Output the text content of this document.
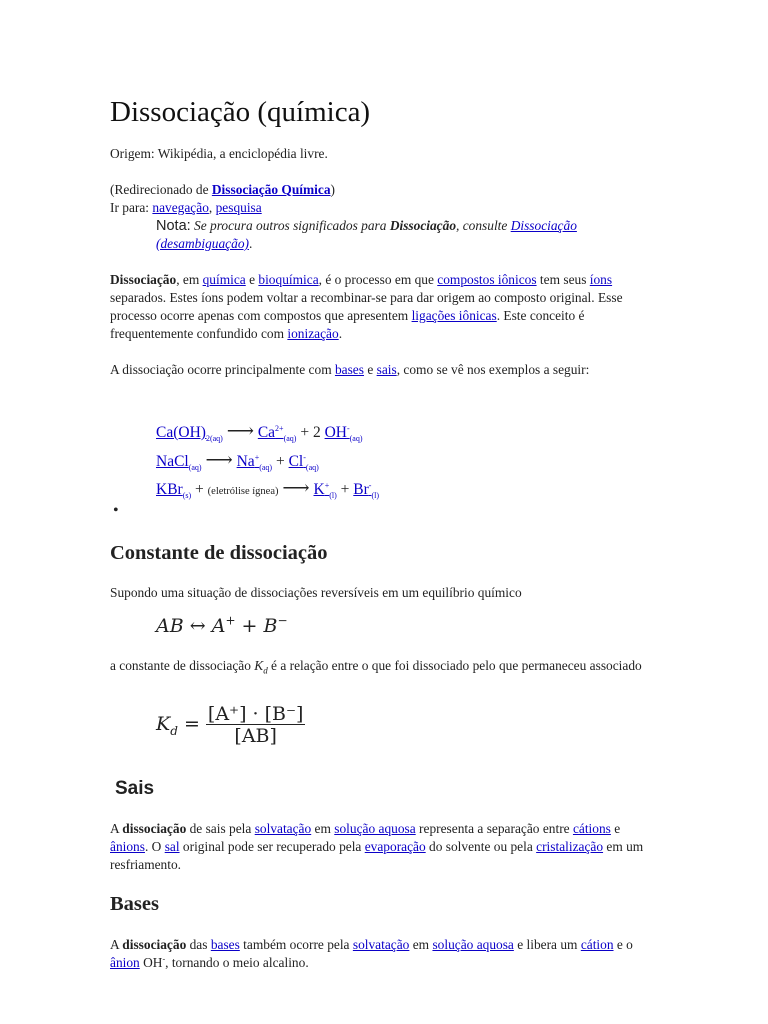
Dissociação (química)
Origem: Wikipédia, a enciclopédia livre.
(Redirecionado de Dissociação Química)
Ir para: navegação, pesquisa
Nota: Se procura outros significados para Dissociação, consulte Dissociação (desambiguação).
Dissociação, em química e bioquímica, é o processo em que compostos iônicos tem seus íons separados. Estes íons podem voltar a recombinar-se para dar origem ao composto original. Esse processo ocorre apenas com compostos que apresentem ligações iônicas. Este conceito é frequentemente confundido com ionização.
A dissociação ocorre principalmente com bases e sais, como se vê nos exemplos a seguir:
$Ca(OH)_{2(aq)}$ ⟶ $Ca^{2+}_{(aq)} + 2$ $OH^-_{(aq)}$
NaCl$_{(aq)}$ ⟶ $Na^+_{(aq)} + Cl^-_{(aq)}$
KBr$_{(s)}$ + (eletrólise ígnea) ⟶ $K^+_{(l)} + Br^-_{(l)}$
•
Constante de dissociação
Supondo uma situação de dissociações reversíveis em um equilíbrio químico
AB ↔ A+ + B−
a constante de dissociação $K_d$ é a relação entre o que foi dissociado pelo que permaneceu associado
$K_d = \frac{[A^+] \cdot [B^-]}{[AB]}$
Sais
A dissociação de sais pela solvatação em solução aquosa representa a separação entre cátions e ânions. O sal original pode ser recuperado pela evaporação do solvente ou pela cristalização em um resfriamento.
Bases
A dissociação das bases também ocorre pela solvatação em solução aquosa e libera um cátion e o ânion OH-, tornando o meio alcalino.
